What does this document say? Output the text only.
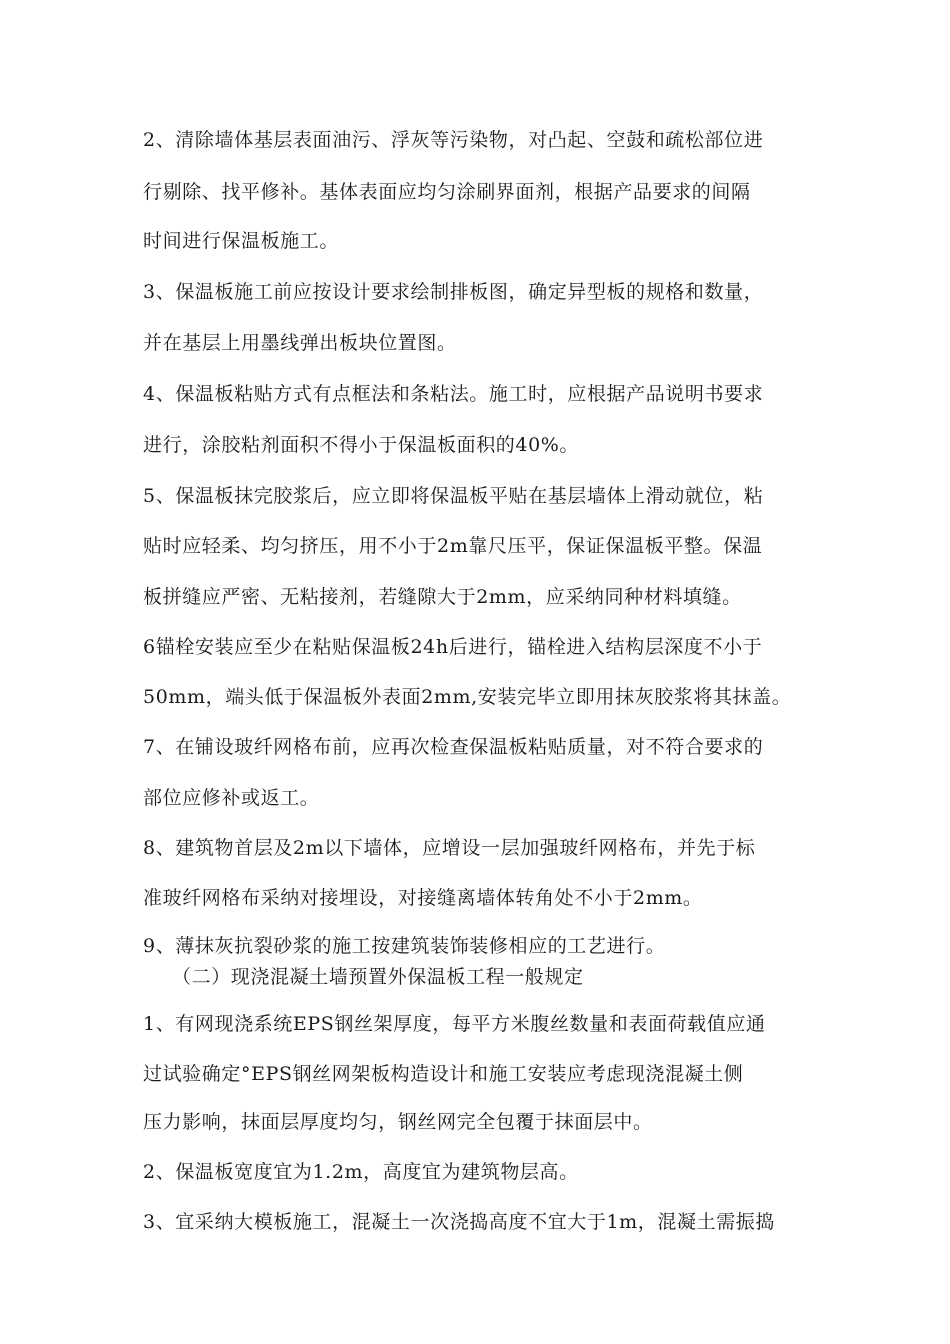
2、清除墙体基层表面油污、浮灰等污染物，对凸起、空鼓和疏松部位进
行剔除、找平修补。基体表面应均匀涂刷界面剂，根据产品要求的间隔
时间进行保温板施工。
3、保温板施工前应按设计要求绘制排板图，确定异型板的规格和数量，
并在基层上用墨线弹出板块位置图。
4、保温板粘贴方式有点框法和条粘法。施工时，应根据产品说明书要求
进行，涂胶粘剂面积不得小于保温板面积的40%。
5、保温板抹完胶浆后，应立即将保温板平贴在基层墙体上滑动就位，粘
贴时应轻柔、均匀挤压，用不小于2m靠尺压平，保证保温板平整。保温
板拼缝应严密、无粘接剂，若缝隙大于2mm，应采纳同种材料填缝。
6锚栓安装应至少在粘贴保温板24h后进行，锚栓进入结构层深度不小于
50mm，端头低于保温板外表面2mm,安装完毕立即用抹灰胶浆将其抹盖。
7、在铺设玻纤网格布前，应再次检查保温板粘贴质量，对不符合要求的
部位应修补或返工。
8、建筑物首层及2m以下墙体，应增设一层加强玻纤网格布，并先于标
准玻纤网格布采纳对接埋设，对接缝离墙体转角处不小于2mm。
9、薄抹灰抗裂砂浆的施工按建筑装饰装修相应的工艺进行。
（二）现浇混凝土墙预置外保温板工程一般规定
1、有网现浇系统EPS钢丝架厚度，每平方米腹丝数量和表面荷载值应通
过试验确定°EPS钢丝网架板构造设计和施工安装应考虑现浇混凝土侧
压力影响，抹面层厚度均匀，钢丝网完全包覆于抹面层中。
2、保温板宽度宜为1.2m，高度宜为建筑物层高。
3、宜采纳大模板施工，混凝土一次浇捣高度不宜大于1m，混凝土需振捣
